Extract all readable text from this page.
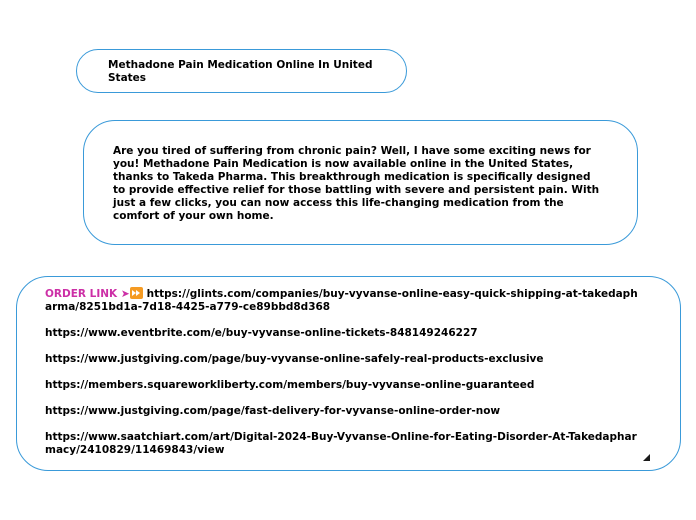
Methadone Pain Medication Online In United States
Are you tired of suffering from chronic pain? Well, I have some exciting news for you! Methadone Pain Medication is now available online in the United States, thanks to Takeda Pharma. This breakthrough medication is specifically designed to provide effective relief for those battling with severe and persistent pain. With just a few clicks, you can now access this life-changing medication from the comfort of your own home.
ORDER LINK ➤ https://glints.com/companies/buy-vyvanse-online-easy-quick-shipping-at-takedapharma/8251bd1a-7d18-4425-a779-ce89bbd8d368
https://www.eventbrite.com/e/buy-vyvanse-online-tickets-848149246227
https://www.justgiving.com/page/buy-vyvanse-online-safely-real-products-exclusive
https://members.squareworkliberty.com/members/buy-vyvanse-online-guaranteed
https://www.justgiving.com/page/fast-delivery-for-vyvanse-online-order-now
https://www.saatchiart.com/art/Digital-2024-Buy-Vyvanse-Online-for-Eating-Disorder-At-Takedapharmacy/2410829/11469843/view
